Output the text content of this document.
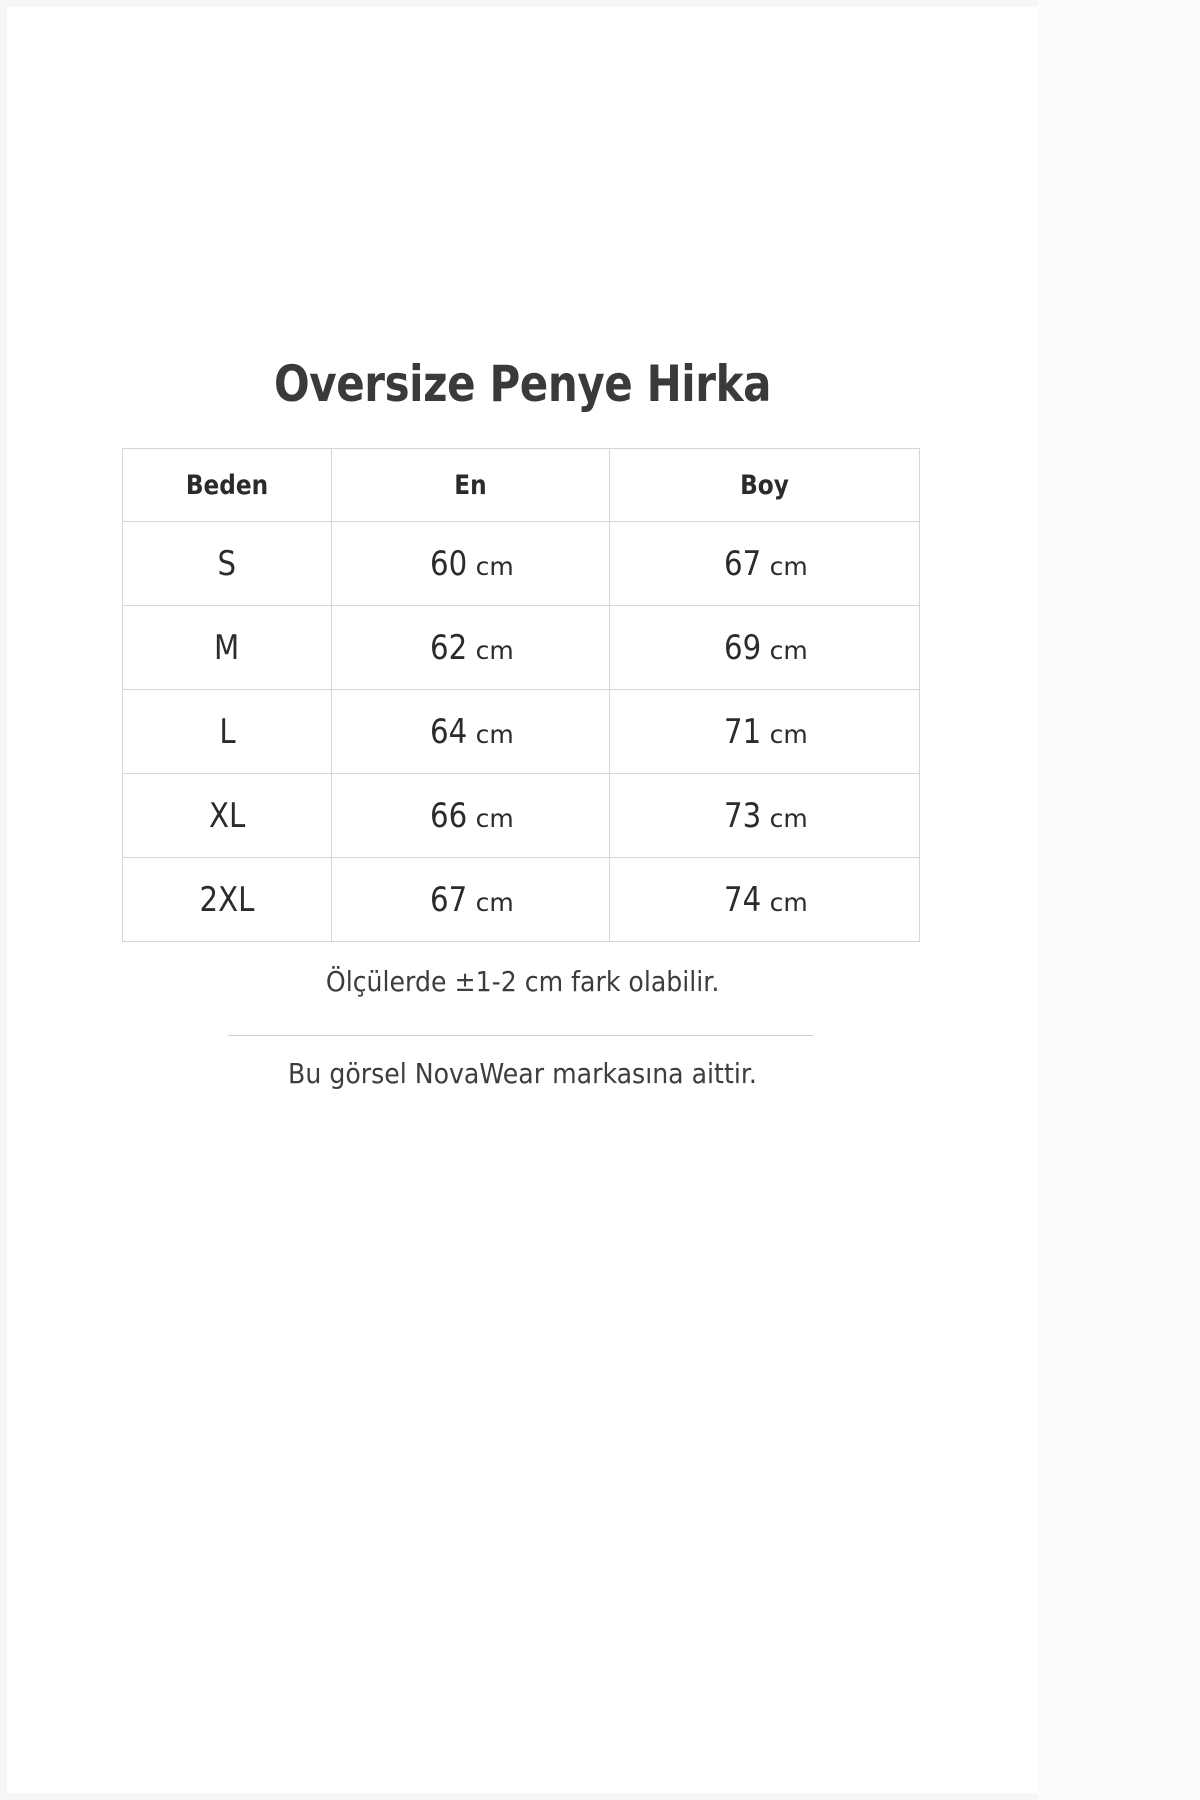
Oversize Penye Hirka
Beden	En	Boy

S	60 cm	67 cm
M	62 cm	69 cm
L	64 cm	71 cm
XL	66 cm	73 cm
2XL	67 cm	74 cm
Ölçülerde ±1-2 cm fark olabilir.
Bu görsel NovaWear markasına aittir.
